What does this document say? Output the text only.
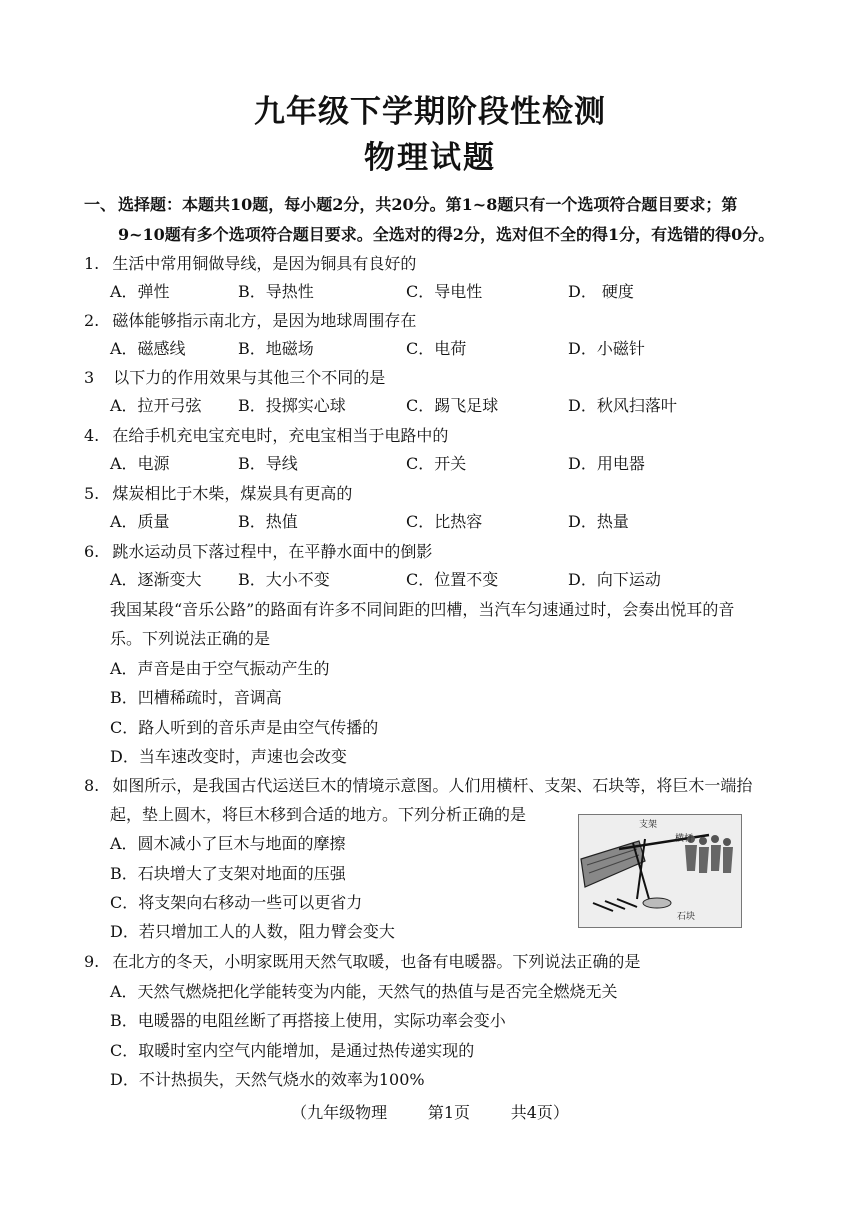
九年级下学期阶段性检测
物理试题
一、 选择题：本题共10题，每小题2分，共20分。第1~8题只有一个选项符合题目要求；第9~10题有多个选项符合题目要求。全选对的得2分，选对但不全的得1分，有选错的得0分。
1. 生活中常用铜做导线，是因为铜具有良好的
A．弹性	B．导热性	C．导电性	D． 硬度
2. 磁体能够指示南北方，是因为地球周围存在
A．磁感线	B．地磁场	C．电荷	D．小磁针
3 以下力的作用效果与其他三个不同的是
A．拉开弓弦 B．投掷实心球	C．踢飞足球	D．秋风扫落叶
4. 在给手机充电宝充电时，充电宝相当于电路中的
A．电源	B．导线	C．开关	D．用电器
5. 煤炭相比于木柴，煤炭具有更高的
A．质量	B．热值	C．比热容	D．热量
6. 跳水运动员下落过程中，在平静水面中的倒影
A．逐渐变大 B．大小不变	C．位置不变	D．向下运动
我国某段“音乐公路”的路面有许多不同间距的凹槽，当汽车匀速通过时，会奏出悦耳的音
乐。下列说法正确的是
A．声音是由于空气振动产生的
B．凹槽稀疏时，音调高
C．路人听到的音乐声是由空气传播的
D．当车速改变时，声速也会改变
8. 如图所示，是我国古代运送巨木的情境示意图。人们用横杆、支架、石块等，将巨木一端抬
起，垫上圆木，将巨木移到合适的地方。下列分析正确的是
A．圆木减小了巨木与地面的摩擦
B．石块增大了支架对地面的压强
C．将支架向右移动一些可以更省力
D．若只增加工人的人数，阻力臂会变大
支架
横杆
石块
9. 在北方的冬天，小明家既用天然气取暖，也备有电暖器。下列说法正确的是
A．天然气燃烧把化学能转变为内能，天然气的热值与是否完全燃烧无关
B．电暖器的电阻丝断了再搭接上使用，实际功率会变小
C．取暖时室内空气内能增加，是通过热传递实现的
D．不计热损失，天然气烧水的效率为100%
（九年级物理	第1页	共4页）
